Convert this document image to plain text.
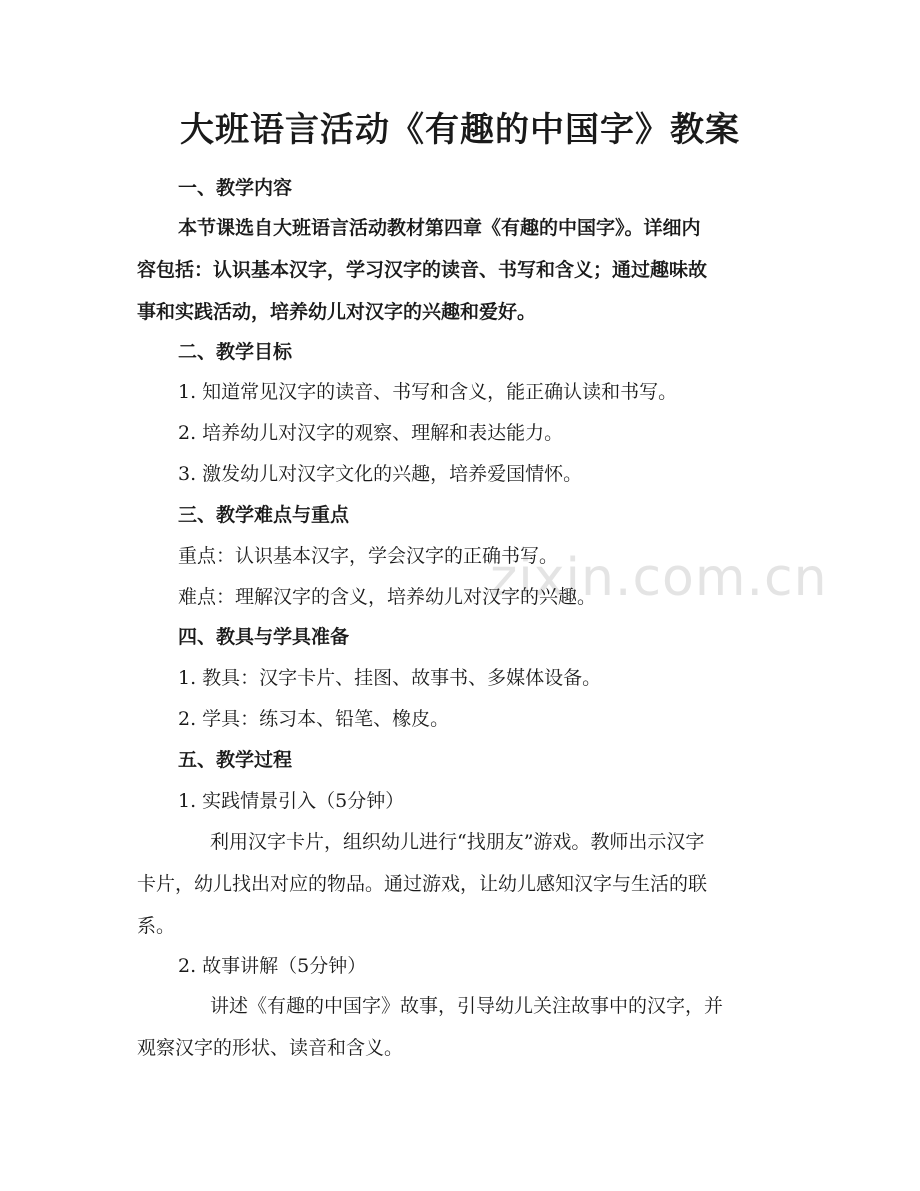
zixin.com.cn
大班语言活动《有趣的中国字》教案
一、教学内容
本节课选自大班语言活动教材第四章《有趣的中国字》。详细内
容包括：认识基本汉字，学习汉字的读音、书写和含义；通过趣味故
事和实践活动，培养幼儿对汉字的兴趣和爱好。
二、教学目标
1. 知道常见汉字的读音、书写和含义，能正确认读和书写。
2. 培养幼儿对汉字的观察、理解和表达能力。
3. 激发幼儿对汉字文化的兴趣，培养爱国情怀。
三、教学难点与重点
重点：认识基本汉字，学会汉字的正确书写。
难点：理解汉字的含义，培养幼儿对汉字的兴趣。
四、教具与学具准备
1. 教具：汉字卡片、挂图、故事书、多媒体设备。
2. 学具：练习本、铅笔、橡皮。
五、教学过程
1. 实践情景引入（5分钟）
利用汉字卡片，组织幼儿进行“找朋友”游戏。教师出示汉字
卡片，幼儿找出对应的物品。通过游戏，让幼儿感知汉字与生活的联
系。
2. 故事讲解（5分钟）
讲述《有趣的中国字》故事，引导幼儿关注故事中的汉字，并
观察汉字的形状、读音和含义。
